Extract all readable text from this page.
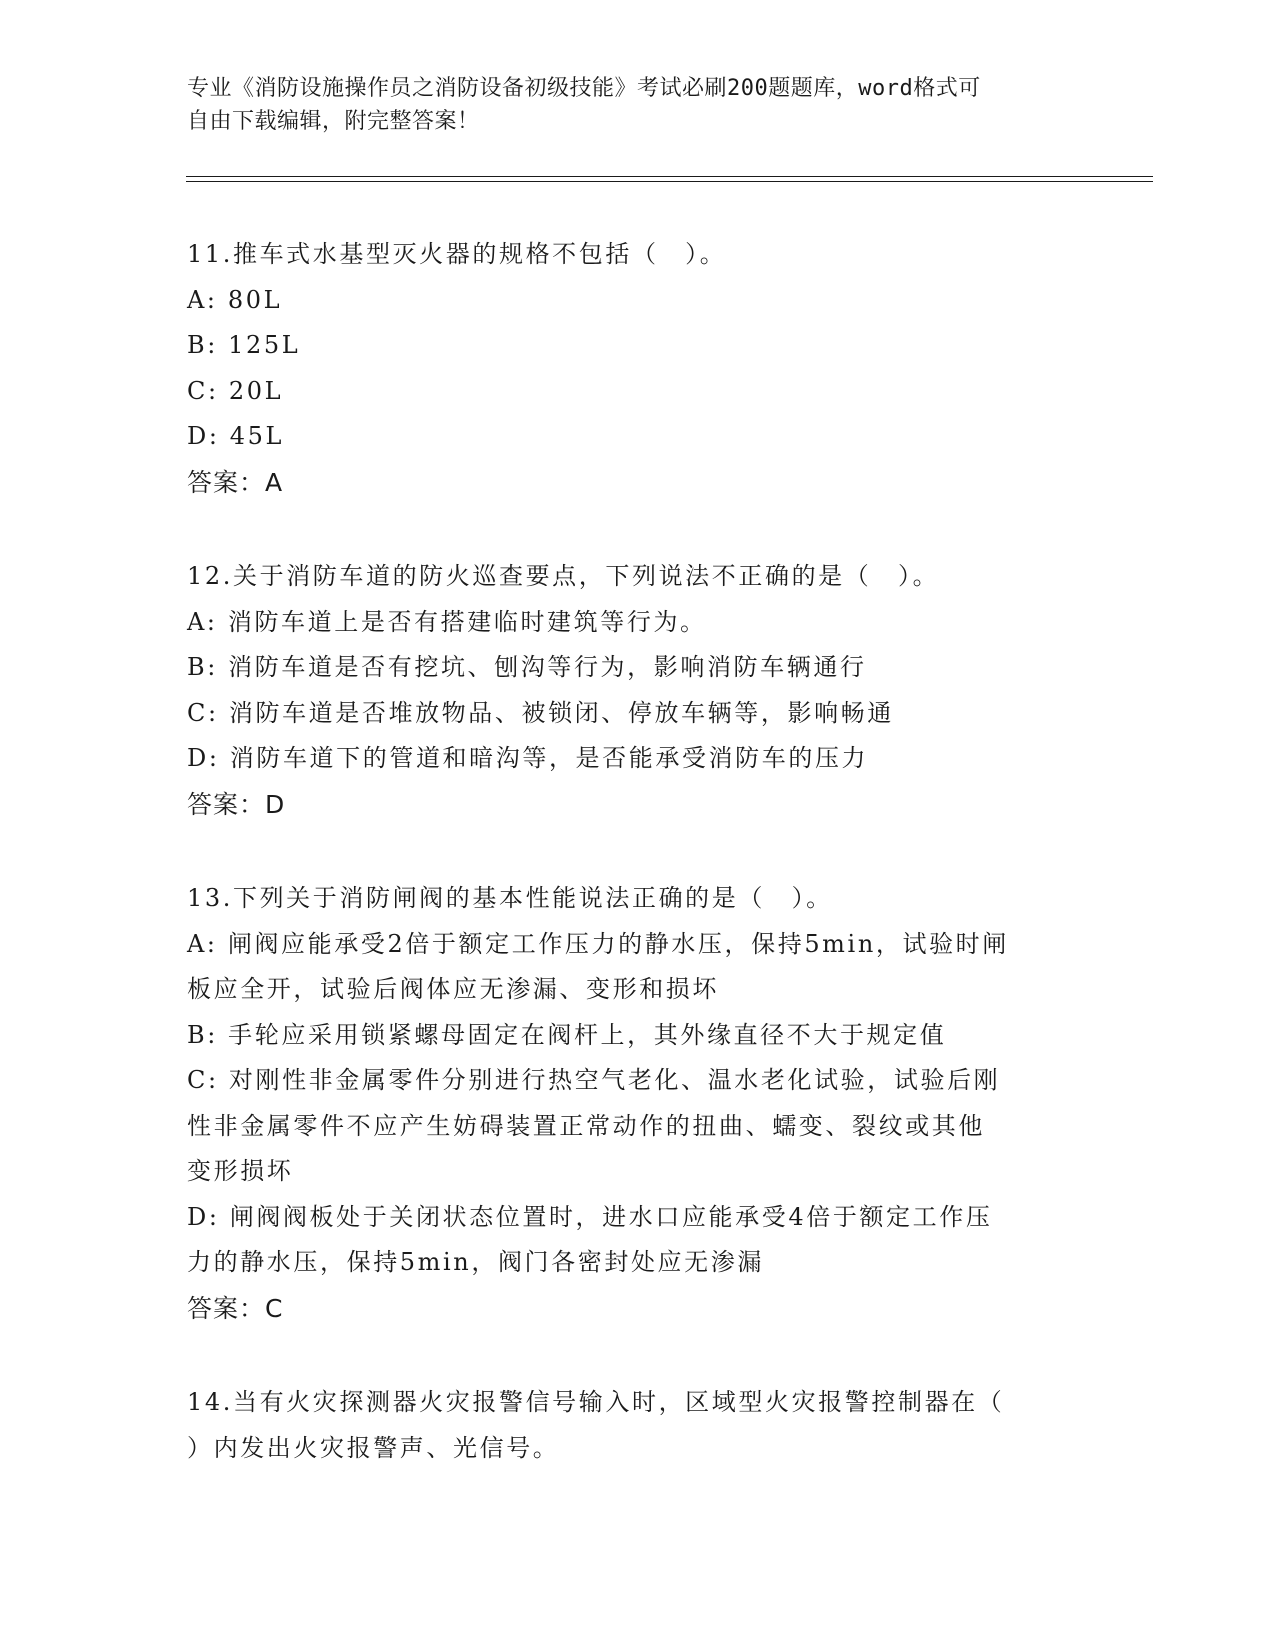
专业《消防设施操作员之消防设备初级技能》考试必刷200题题库，word格式可
自由下载编辑，附完整答案！
11.推车式水基型灭火器的规格不包括（　）。
A: 80L
B: 125L
C: 20L
D: 45L
答案：A
12.关于消防车道的防火巡查要点，下列说法不正确的是（　）。
A: 消防车道上是否有搭建临时建筑等行为。
B: 消防车道是否有挖坑、刨沟等行为，影响消防车辆通行
C: 消防车道是否堆放物品、被锁闭、停放车辆等，影响畅通
D: 消防车道下的管道和暗沟等，是否能承受消防车的压力
答案：D
13.下列关于消防闸阀的基本性能说法正确的是（　）。
A: 闸阀应能承受2倍于额定工作压力的静水压，保持5min，试验时闸
板应全开，试验后阀体应无渗漏、变形和损坏
B: 手轮应采用锁紧螺母固定在阀杆上，其外缘直径不大于规定值
C: 对刚性非金属零件分别进行热空气老化、温水老化试验，试验后刚
性非金属零件不应产生妨碍装置正常动作的扭曲、蠕变、裂纹或其他
变形损坏
D: 闸阀阀板处于关闭状态位置时，进水口应能承受4倍于额定工作压
力的静水压，保持5min，阀门各密封处应无渗漏
答案：C
14.当有火灾探测器火灾报警信号输入时，区域型火灾报警控制器在（
）内发出火灾报警声、光信号。
